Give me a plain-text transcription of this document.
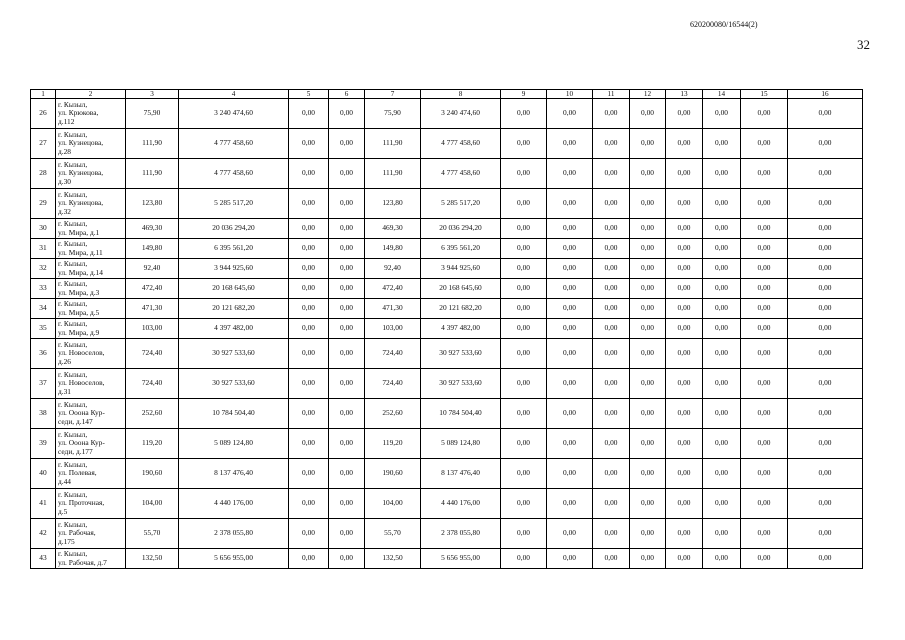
620200080/16544(2)
32
1	2	3	4	5	6	7	8	9	10	11	12	13	14	15	16
26	г. Кызыл,
ул. Крюкова,
д.112	75,90	3 240 474,60	0,00	0,00	75,90	3 240 474,60	0,00	0,00	0,00	0,00	0,00	0,00	0,00	0,00
27	г. Кызыл,
ул. Кузнецова,
д.28	111,90	4 777 458,60	0,00	0,00	111,90	4 777 458,60	0,00	0,00	0,00	0,00	0,00	0,00	0,00	0,00
28	г. Кызыл,
ул. Кузнецова,
д.30	111,90	4 777 458,60	0,00	0,00	111,90	4 777 458,60	0,00	0,00	0,00	0,00	0,00	0,00	0,00	0,00
29	г. Кызыл,
ул. Кузнецова,
д.32	123,80	5 285 517,20	0,00	0,00	123,80	5 285 517,20	0,00	0,00	0,00	0,00	0,00	0,00	0,00	0,00
30	г. Кызыл,
ул. Мира, д.1	469,30	20 036 294,20	0,00	0,00	469,30	20 036 294,20	0,00	0,00	0,00	0,00	0,00	0,00	0,00	0,00
31	г. Кызыл,
ул. Мира, д.11	149,80	6 395 561,20	0,00	0,00	149,80	6 395 561,20	0,00	0,00	0,00	0,00	0,00	0,00	0,00	0,00
32	г. Кызыл,
ул. Мира, д.14	92,40	3 944 925,60	0,00	0,00	92,40	3 944 925,60	0,00	0,00	0,00	0,00	0,00	0,00	0,00	0,00
33	г. Кызыл,
ул. Мира, д.3	472,40	20 168 645,60	0,00	0,00	472,40	20 168 645,60	0,00	0,00	0,00	0,00	0,00	0,00	0,00	0,00
34	г. Кызыл,
ул. Мира, д.5	471,30	20 121 682,20	0,00	0,00	471,30	20 121 682,20	0,00	0,00	0,00	0,00	0,00	0,00	0,00	0,00
35	г. Кызыл,
ул. Мира, д.9	103,00	4 397 482,00	0,00	0,00	103,00	4 397 482,00	0,00	0,00	0,00	0,00	0,00	0,00	0,00	0,00
36	г. Кызыл,
ул. Новоселов,
д.26	724,40	30 927 533,60	0,00	0,00	724,40	30 927 533,60	0,00	0,00	0,00	0,00	0,00	0,00	0,00	0,00
37	г. Кызыл,
ул. Новоселов,
д.31	724,40	30 927 533,60	0,00	0,00	724,40	30 927 533,60	0,00	0,00	0,00	0,00	0,00	0,00	0,00	0,00
38	г. Кызыл,
ул. Ооона Кур-
седи, д.147	252,60	10 784 504,40	0,00	0,00	252,60	10 784 504,40	0,00	0,00	0,00	0,00	0,00	0,00	0,00	0,00
39	г. Кызыл,
ул. Ооона Кур-
седи, д.177	119,20	5 089 124,80	0,00	0,00	119,20	5 089 124,80	0,00	0,00	0,00	0,00	0,00	0,00	0,00	0,00
40	г. Кызыл,
ул. Полевая,
д.44	190,60	8 137 476,40	0,00	0,00	190,60	8 137 476,40	0,00	0,00	0,00	0,00	0,00	0,00	0,00	0,00
41	г. Кызыл,
ул. Проточная,
д.5	104,00	4 440 176,00	0,00	0,00	104,00	4 440 176,00	0,00	0,00	0,00	0,00	0,00	0,00	0,00	0,00
42	г. Кызыл,
ул. Рабочая,
д.175	55,70	2 378 055,80	0,00	0,00	55,70	2 378 055,80	0,00	0,00	0,00	0,00	0,00	0,00	0,00	0,00
43	г. Кызыл,
ул. Рабочая, д.7	132,50	5 656 955,00	0,00	0,00	132,50	5 656 955,00	0,00	0,00	0,00	0,00	0,00	0,00	0,00	0,00
